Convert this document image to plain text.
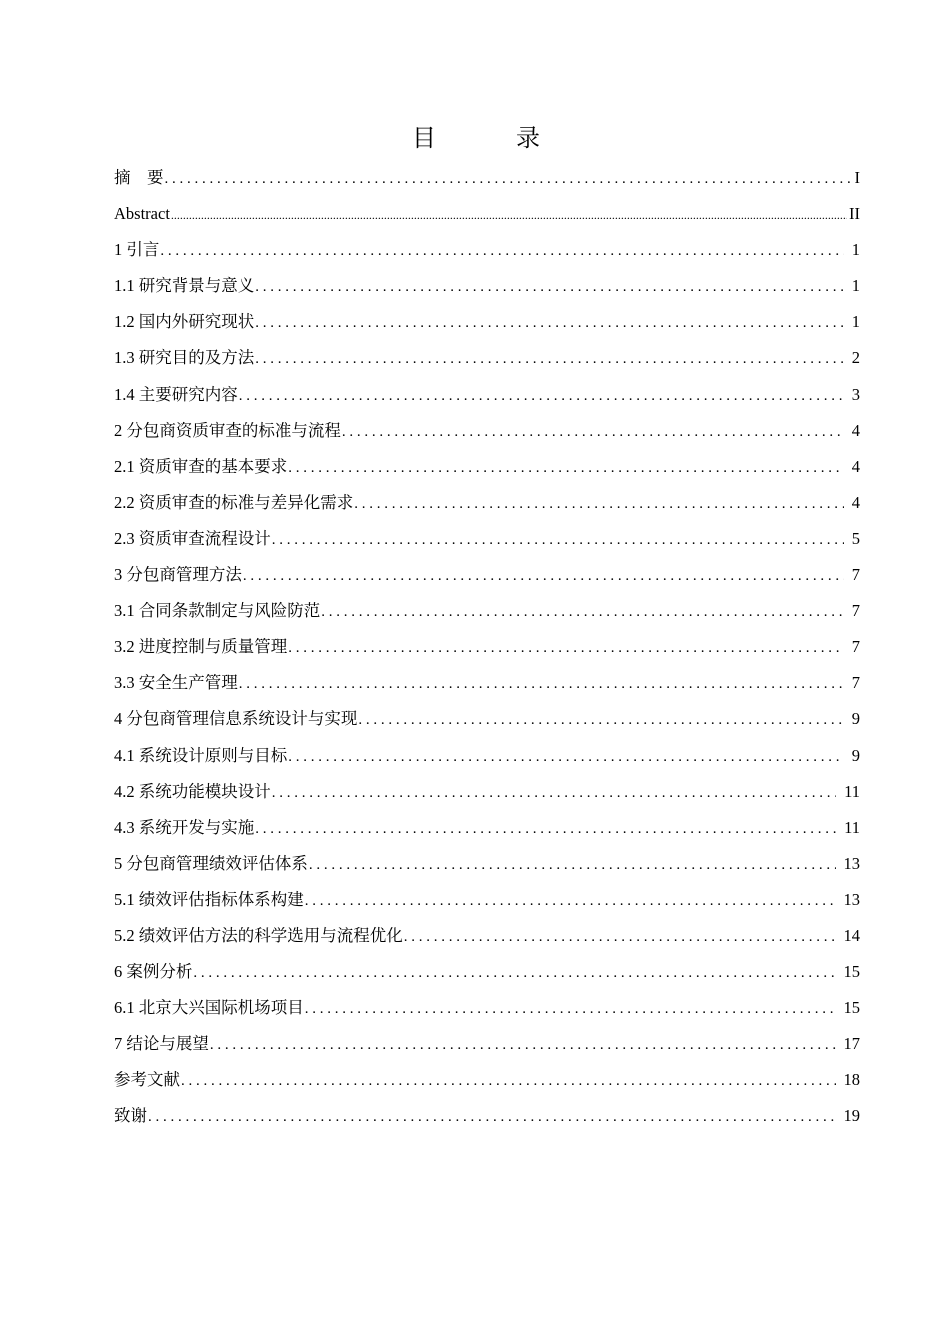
目　录
摘　要 . . .	I
Abstract .....	II
1 引言 . . .	1
1.1 研究背景与意义 . . .	1
1.2 国内外研究现状 . . .	1
1.3 研究目的及方法 . . .	2
1.4 主要研究内容 . . .	3
2 分包商资质审查的标准与流程 . . .	4
2.1 资质审查的基本要求 . . .	4
2.2 资质审查的标准与差异化需求 . . .	4
2.3 资质审查流程设计 . . .	5
3 分包商管理方法 . . .	7
3.1 合同条款制定与风险防范 . . .	7
3.2 进度控制与质量管理 . . .	7
3.3 安全生产管理 . . .	7
4 分包商管理信息系统设计与实现 . . .	9
4.1 系统设计原则与目标 . . .	9
4.2 系统功能模块设计 . . .	11
4.3 系统开发与实施 . . .	11
5 分包商管理绩效评估体系 . . .	13
5.1 绩效评估指标体系构建 . . .	13
5.2 绩效评估方法的科学选用与流程优化 . . .	14
6 案例分析 . . .	15
6.1 北京大兴国际机场项目 . . .	15
7 结论与展望 . . .	17
参考文献 . . .	18
致谢 . . .	19
